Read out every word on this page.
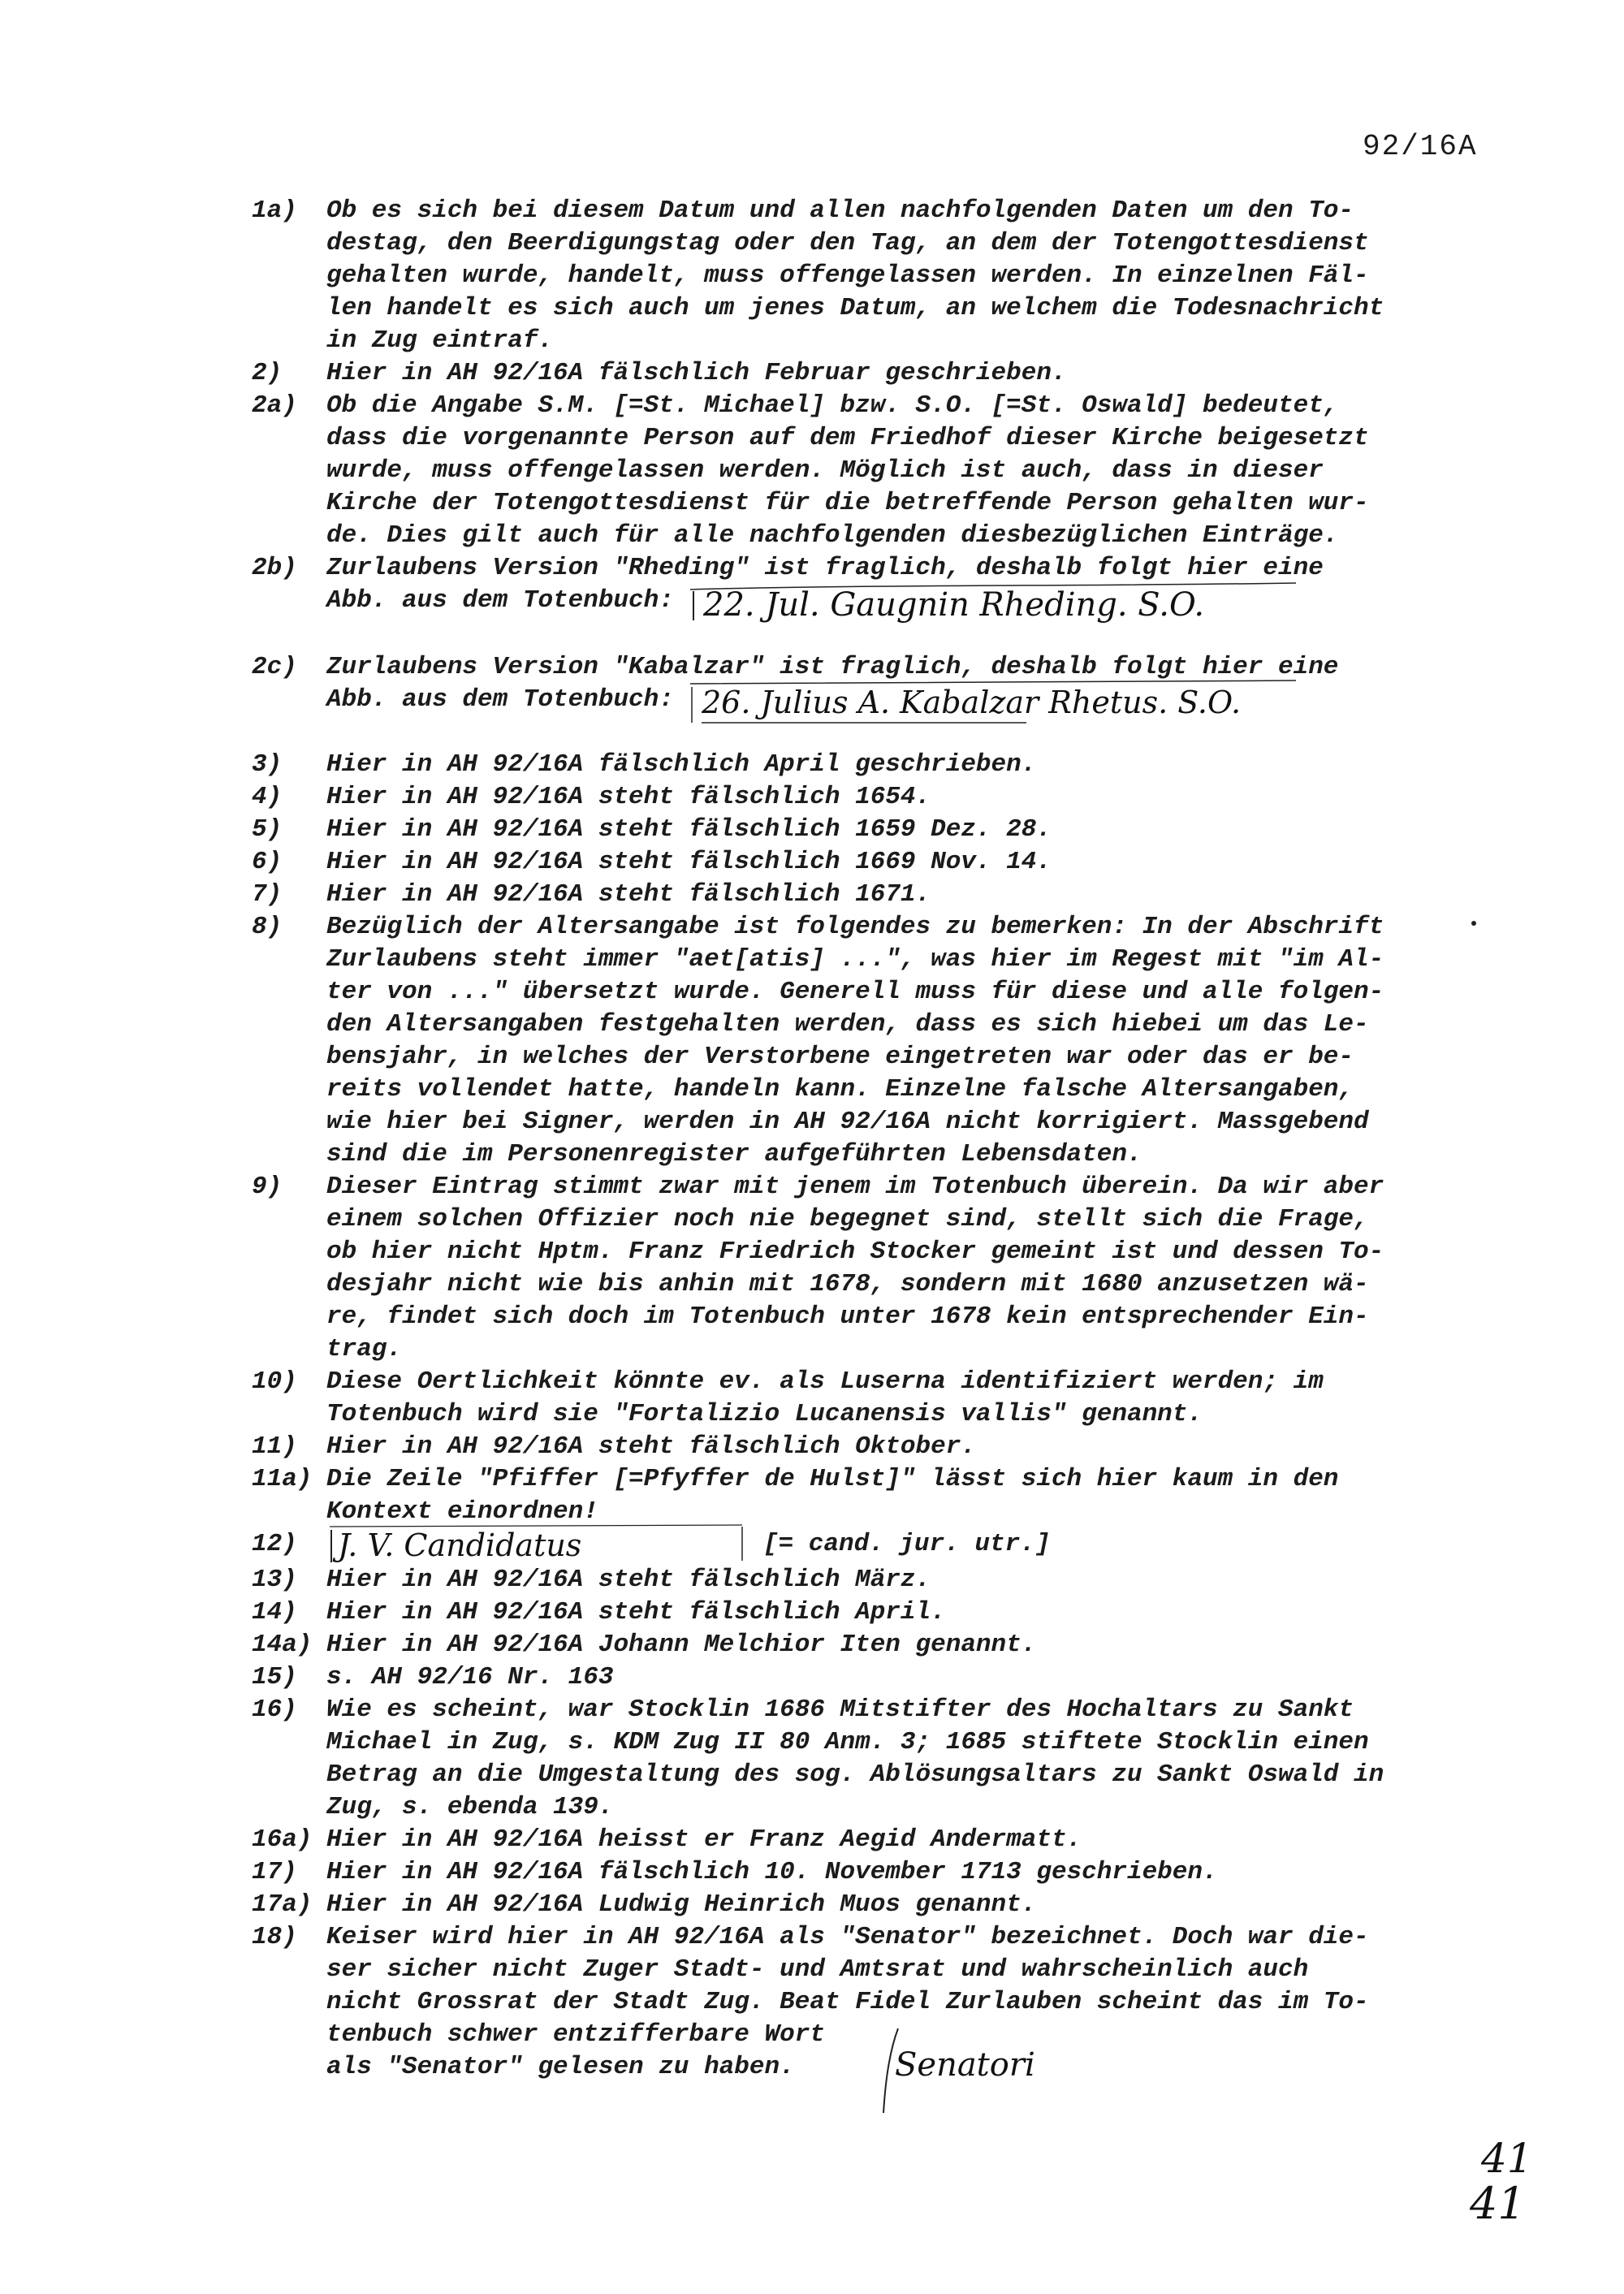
92/16A
1a)	Ob es sich bei diesem Datum und allen nachfolgenden Daten um den To-
destag, den Beerdigungstag oder den Tag, an dem der Totengottesdienst
gehalten wurde, handelt, muss offengelassen werden. In einzelnen Fäl-
len handelt es sich auch um jenes Datum, an welchem die Todesnachricht
in Zug eintraf.
2)	Hier in AH 92/16A fälschlich Februar geschrieben.
2a)	Ob die Angabe S.M. [=St. Michael] bzw. S.O. [=St. Oswald] bedeutet,
dass die vorgenannte Person auf dem Friedhof dieser Kirche beigesetzt
wurde, muss offengelassen werden. Möglich ist auch, dass in dieser
Kirche der Totengottesdienst für die betreffende Person gehalten wur-
de. Dies gilt auch für alle nachfolgenden diesbezüglichen Einträge.
2b)	Zurlaubens Version "Rheding" ist fraglich, deshalb folgt hier eine
Abb. aus dem Totenbuch: 22. Jul. Gaugnin Rheding. S.O.
2c)	Zurlaubens Version "Kabalzar" ist fraglich, deshalb folgt hier eine
Abb. aus dem Totenbuch: 26. Julius A. Kabalzar Rhetus. S.O.
3)	Hier in AH 92/16A fälschlich April geschrieben.
4)	Hier in AH 92/16A steht fälschlich 1654.
5)	Hier in AH 92/16A steht fälschlich 1659 Dez. 28.
6)	Hier in AH 92/16A steht fälschlich 1669 Nov. 14.
7)	Hier in AH 92/16A steht fälschlich 1671.
8)	Bezüglich der Altersangabe ist folgendes zu bemerken: In der Abschrift
Zurlaubens steht immer "aet[atis] ...", was hier im Regest mit "im Al-
ter von ..." übersetzt wurde. Generell muss für diese und alle folgen-
den Altersangaben festgehalten werden, dass es sich hiebei um das Le-
bensjahr, in welches der Verstorbene eingetreten war oder das er be-
reits vollendet hatte, handeln kann. Einzelne falsche Altersangaben,
wie hier bei Signer, werden in AH 92/16A nicht korrigiert. Massgebend
sind die im Personenregister aufgeführten Lebensdaten.
9)	Dieser Eintrag stimmt zwar mit jenem im Totenbuch überein. Da wir aber
einem solchen Offizier noch nie begegnet sind, stellt sich die Frage,
ob hier nicht Hptm. Franz Friedrich Stocker gemeint ist und dessen To-
desjahr nicht wie bis anhin mit 1678, sondern mit 1680 anzusetzen wä-
re, findet sich doch im Totenbuch unter 1678 kein entsprechender Ein-
trag.
10)	Diese Oertlichkeit könnte ev. als Luserna identifiziert werden; im
Totenbuch wird sie "Fortalizio Lucanensis vallis" genannt.
11)	Hier in AH 92/16A steht fälschlich Oktober.
11a) Die Zeile "Pfiffer [=Pfyffer de Hulst]" lässt sich hier kaum in den
Kontext einordnen!
12)	J. V. Candidatus	[= cand. jur. utr.]
13)	Hier in AH 92/16A steht fälschlich März.
14)	Hier in AH 92/16A steht fälschlich April.
14a) Hier in AH 92/16A Johann Melchior Iten genannt.
15)	s. AH 92/16 Nr. 163
16)	Wie es scheint, war Stocklin 1686 Mitstifter des Hochaltars zu Sankt
Michael in Zug, s. KDM Zug II 80 Anm. 3; 1685 stiftete Stocklin einen
Betrag an die Umgestaltung des sog. Ablösungsaltars zu Sankt Oswald in
Zug, s. ebenda 139.
16a) Hier in AH 92/16A heisst er Franz Aegid Andermatt.
17)	Hier in AH 92/16A fälschlich 10. November 1713 geschrieben.
17a) Hier in AH 92/16A Ludwig Heinrich Muos genannt.
18)	Keiser wird hier in AH 92/16A als "Senator" bezeichnet. Doch war die-
ser sicher nicht Zuger Stadt- und Amtsrat und wahrscheinlich auch
nicht Grossrat der Stadt Zug. Beat Fidel Zurlauben scheint das im To-
tenbuch schwer entzifferbare Wort
als "Senator" gelesen zu haben.	Senatori
41
41
